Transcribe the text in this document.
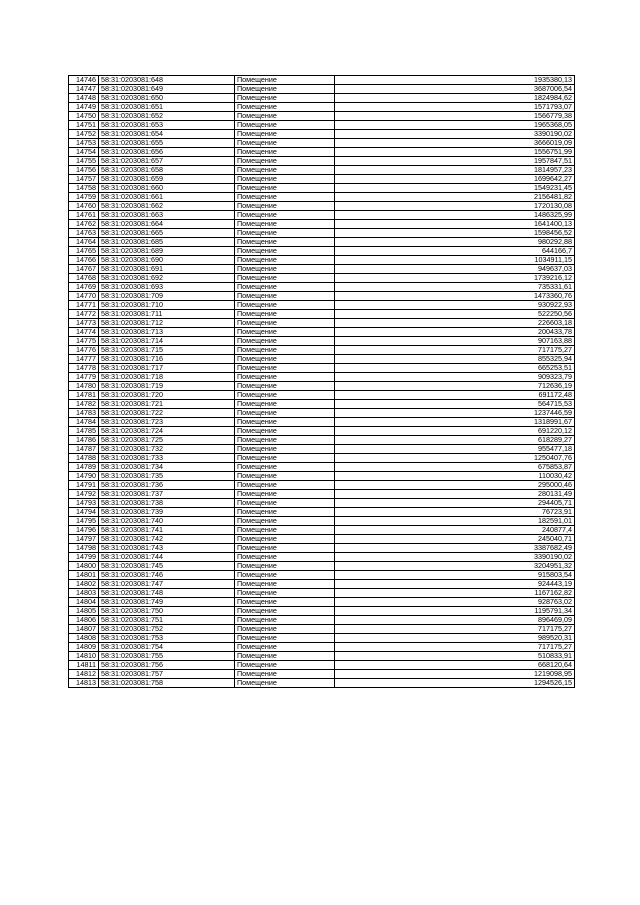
14746	58:31:0203081:648	Помещение	1935380,13
14747	58:31:0203081:649	Помещение	3687006,54
14748	58:31:0203081:650	Помещение	1824984,62
14749	58:31:0203081:651	Помещение	1571793,07
14750	58:31:0203081:652	Помещение	1566779,38
14751	58:31:0203081:653	Помещение	1965368,05
14752	58:31:0203081:654	Помещение	3390190,02
14753	58:31:0203081:655	Помещение	3666019,09
14754	58:31:0203081:656	Помещение	1556751,99
14755	58:31:0203081:657	Помещение	1957847,51
14756	58:31:0203081:658	Помещение	1814957,23
14757	58:31:0203081:659	Помещение	1699642,27
14758	58:31:0203081:660	Помещение	1549231,45
14759	58:31:0203081:661	Помещение	2156481,82
14760	58:31:0203081:662	Помещение	1720130,08
14761	58:31:0203081:663	Помещение	1486325,99
14762	58:31:0203081:664	Помещение	1641400,13
14763	58:31:0203081:665	Помещение	1598456,52
14764	58:31:0203081:685	Помещение	980292,88
14765	58:31:0203081:689	Помещение	644166,7
14766	58:31:0203081:690	Помещение	1034911,15
14767	58:31:0203081:691	Помещение	949637,03
14768	58:31:0203081:692	Помещение	1739216,12
14769	58:31:0203081:693	Помещение	735331,61
14770	58:31:0203081:709	Помещение	1473360,76
14771	58:31:0203081:710	Помещение	930922,93
14772	58:31:0203081:711	Помещение	522250,56
14773	58:31:0203081:712	Помещение	226603,18
14774	58:31:0203081:713	Помещение	200433,78
14775	58:31:0203081:714	Помещение	907163,88
14776	58:31:0203081:715	Помещение	717175,27
14777	58:31:0203081:716	Помещение	855325,94
14778	58:31:0203081:717	Помещение	665253,51
14779	58:31:0203081:718	Помещение	909323,79
14780	58:31:0203081:719	Помещение	712636,19
14781	58:31:0203081:720	Помещение	691172,48
14782	58:31:0203081:721	Помещение	564715,53
14783	58:31:0203081:722	Помещение	1237446,59
14784	58:31:0203081:723	Помещение	1318991,67
14785	58:31:0203081:724	Помещение	691220,12
14786	58:31:0203081:725	Помещение	618289,27
14787	58:31:0203081:732	Помещение	955477,18
14788	58:31:0203081:733	Помещение	1250407,76
14789	58:31:0203081:734	Помещение	675853,87
14790	58:31:0203081:735	Помещение	110030,42
14791	58:31:0203081:736	Помещение	295000,46
14792	58:31:0203081:737	Помещение	280131,49
14793	58:31:0203081:738	Помещение	294405,71
14794	58:31:0203081:739	Помещение	76723,91
14795	58:31:0203081:740	Помещение	182591,01
14796	58:31:0203081:741	Помещение	240877,4
14797	58:31:0203081:742	Помещение	245040,71
14798	58:31:0203081:743	Помещение	3387682,49
14799	58:31:0203081:744	Помещение	3390190,02
14800	58:31:0203081:745	Помещение	3204951,32
14801	58:31:0203081:746	Помещение	915803,54
14802	58:31:0203081:747	Помещение	924443,19
14803	58:31:0203081:748	Помещение	1167162,82
14804	58:31:0203081:749	Помещение	928763,02
14805	58:31:0203081:750	Помещение	1195791,34
14806	58:31:0203081:751	Помещение	896469,09
14807	58:31:0203081:752	Помещение	717175,27
14808	58:31:0203081:753	Помещение	989520,31
14809	58:31:0203081:754	Помещение	717175,27
14810	58:31:0203081:755	Помещение	510833,91
14811	58:31:0203081:756	Помещение	668120,64
14812	58:31:0203081:757	Помещение	1219098,95
14813	58:31:0203081:758	Помещение	1294526,15
